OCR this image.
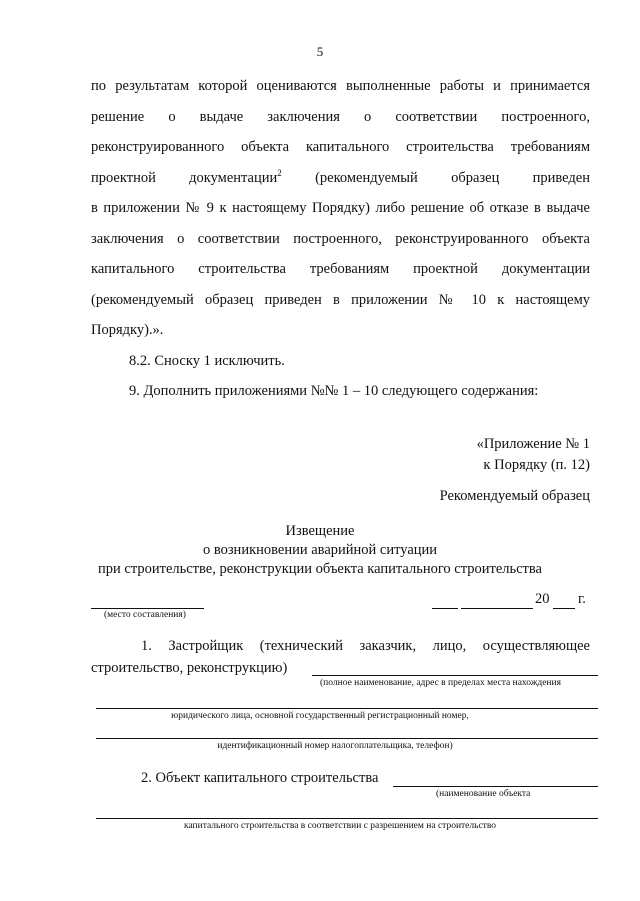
5
по результатам которой оцениваются выполненные работы и принимается
решение о выдаче заключения о соответствии построенного,
реконструированного объекта капитального строительства требованиям
проектной документации$^2$ (рекомендуемый образец приведен
в приложении № 9 к настоящему Порядку) либо решение об отказе в выдаче
заключения о соответствии построенного, реконструированного объекта
капитального строительства требованиям проектной документации
(рекомендуемый образец приведен в приложении № 10 к настоящему
Порядку).».
8.2. Сноску 1 исключить.
9. Дополнить приложениями №№ 1 – 10 следующего содержания:
«Приложение № 1
к Порядку (п. 12)
Рекомендуемый образец
Извещение
о возникновении аварийной ситуации
при строительстве, реконструкции объекта капитального строительства
(место составления)
20 г.
1. Застройщик (технический заказчик, лицо, осуществляющее
строительство, реконструкцию)
(полное наименование, адрес в пределах места нахождения
юридического лица, основной государственный регистрационный номер,
идентификационный номер налогоплательщика, телефон)
2. Объект капитального строительства
(наименование объекта
капитального строительства в соответствии с разрешением на строительство
